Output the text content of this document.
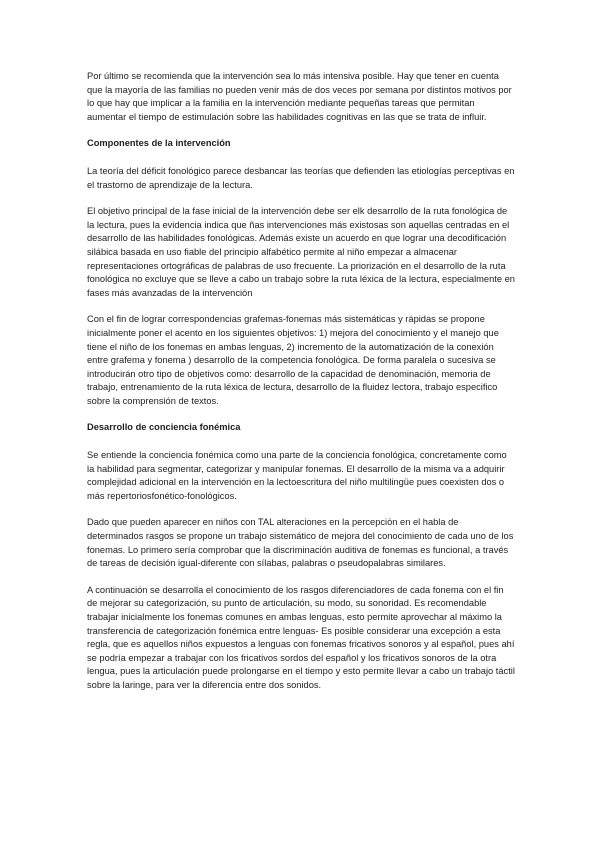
Por último se recomienda que la intervención sea lo más intensiva posible. Hay que tener en cuenta que la mayoría de las familias no pueden venir más de dos veces por semana por distintos motivos por lo que hay que implicar a la familia en la intervención mediante pequeñas tareas que permitan aumentar el tiempo de estimulación sobre las habilidades cognitivas en las que se trata de influir.

Componentes de la intervención

La teoría del déficit fonológico parece desbancar las teorías que defienden las etiologías perceptivas en el trastorno de aprendizaje de la lectura.

El objetivo principal de la fase inicial de la intervención debe ser elk desarrollo de la ruta fonológica de la lectura, pues la evidencia indica que ñas intervenciones más existosas son aquellas centradas en el desarrollo de las habilidades fonológicas. Además existe un acuerdo en que lograr una decodificación silábica basada en uso fiable del principio alfabético permite al niño empezar a almacenar representaciones ortográficas de palabras de uso frecuente. La priorización en el desarrollo de la ruta fonológica no excluye que se lleve a cabo un trabajo sobre la ruta léxica de la lectura, especialmente en fases más avanzadas de la intervención

Con el fin de lograr correspondencias grafemas-fonemas más sistemáticas y rápidas se propone inicialmente poner el acento en los siguientes objetivos: 1) mejora del conocimiento y el manejo que tiene el niño de los fonemas en ambas lenguas, 2) incremento de la automatización de la conexión entre grafema y fonema ) desarrollo de la competencia fonológica. De forma paralela o sucesiva se introducirán otro tipo de objetivos como: desarrollo de la capacidad de denominación, memoria de trabajo, entrenamiento de la ruta léxica de lectura, desarrollo de la fluidez lectora, trabajo especifico sobre la comprensión de textos.

Desarrollo de conciencia fonémica

Se entiende la conciencia fonémica como una parte de la conciencia fonológica, concretamente como la habilidad para segmentar, categorizar y manipular fonemas. El desarrollo de la misma va a adquirir complejidad adicional en la intervención en la lectoescritura del niño multilingüe pues coexisten dos o más repertoriosfonético-fonológicos.

Dado que pueden aparecer en niños con TAL alteraciones en la percepción en el habla de determinados rasgos se propone un trabajo sistemático de mejora del conocimiento de cada uno de los fonemas. Lo primero sería comprobar que la discriminación auditiva de fonemas es funcional, a través de tareas de decisión igual-diferente con sílabas, palabras o pseudopalabras similares.

A continuación se desarrolla el conocimiento de los rasgos diferenciadores de cada fonema con el fin de mejorar su categorización, su punto de articulación, su modo, su sonoridad. Es recomendable trabajar inicialmente los fonemas comunes en ambas lenguas, esto permite aprovechar al máximo la transferencia de categorización fonémica entre lenguas- Es posible considerar una excepción a esta regla, que es aquellos niños expuestos a lenguas con fonemas fricativos sonoros y al español, pues ahí se podría empezar a trabajar con los fricativos sordos del español y los fricativos sonoros de la otra lengua, pues la articulación puede prolongarse en el tiempo y esto permite llevar a cabo un trabajo táctil sobre la laringe, para ver la diferencia entre dos sonidos.
